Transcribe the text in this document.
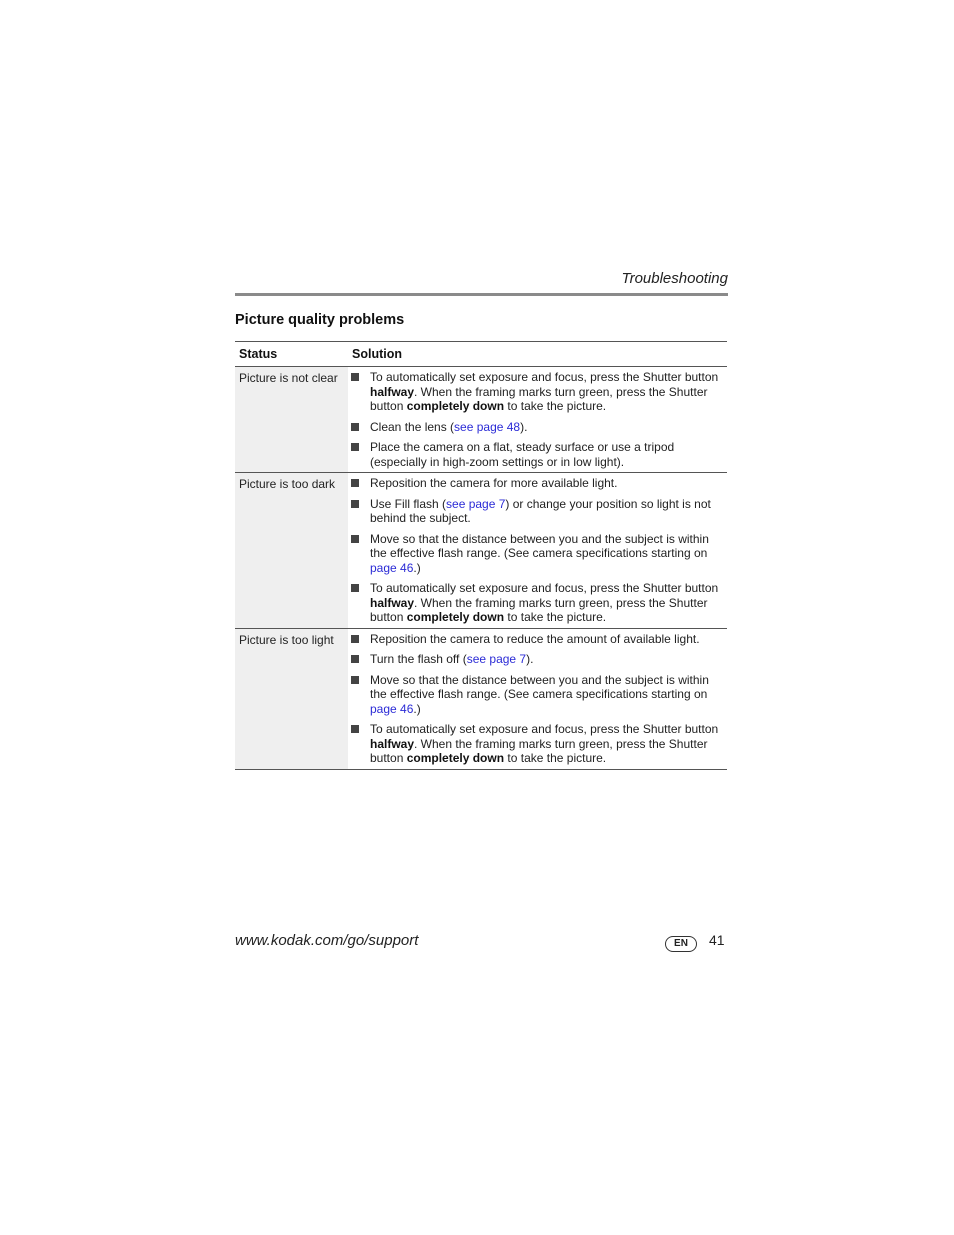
Troubleshooting
Picture quality problems
Status	Solution
Picture is not clear	To automatically set exposure and focus, press the Shutter button halfway. When the framing marks turn green, press the Shutter button completely down to take the picture.
Clean the lens (see page 48).
Place the camera on a flat, steady surface or use a tripod (especially in high-zoom settings or in low light).
Picture is too dark	Reposition the camera for more available light.
Use Fill flash (see page 7) or change your position so light is not behind the subject.
Move so that the distance between you and the subject is within the effective flash range. (See camera specifications starting on page 46.)
To automatically set exposure and focus, press the Shutter button halfway. When the framing marks turn green, press the Shutter button completely down to take the picture.
Picture is too light	Reposition the camera to reduce the amount of available light.
Turn the flash off (see page 7).
Move so that the distance between you and the subject is within the effective flash range. (See camera specifications starting on page 46.)
To automatically set exposure and focus, press the Shutter button halfway. When the framing marks turn green, press the Shutter button completely down to take the picture.
www.kodak.com/go/support	EN	41
